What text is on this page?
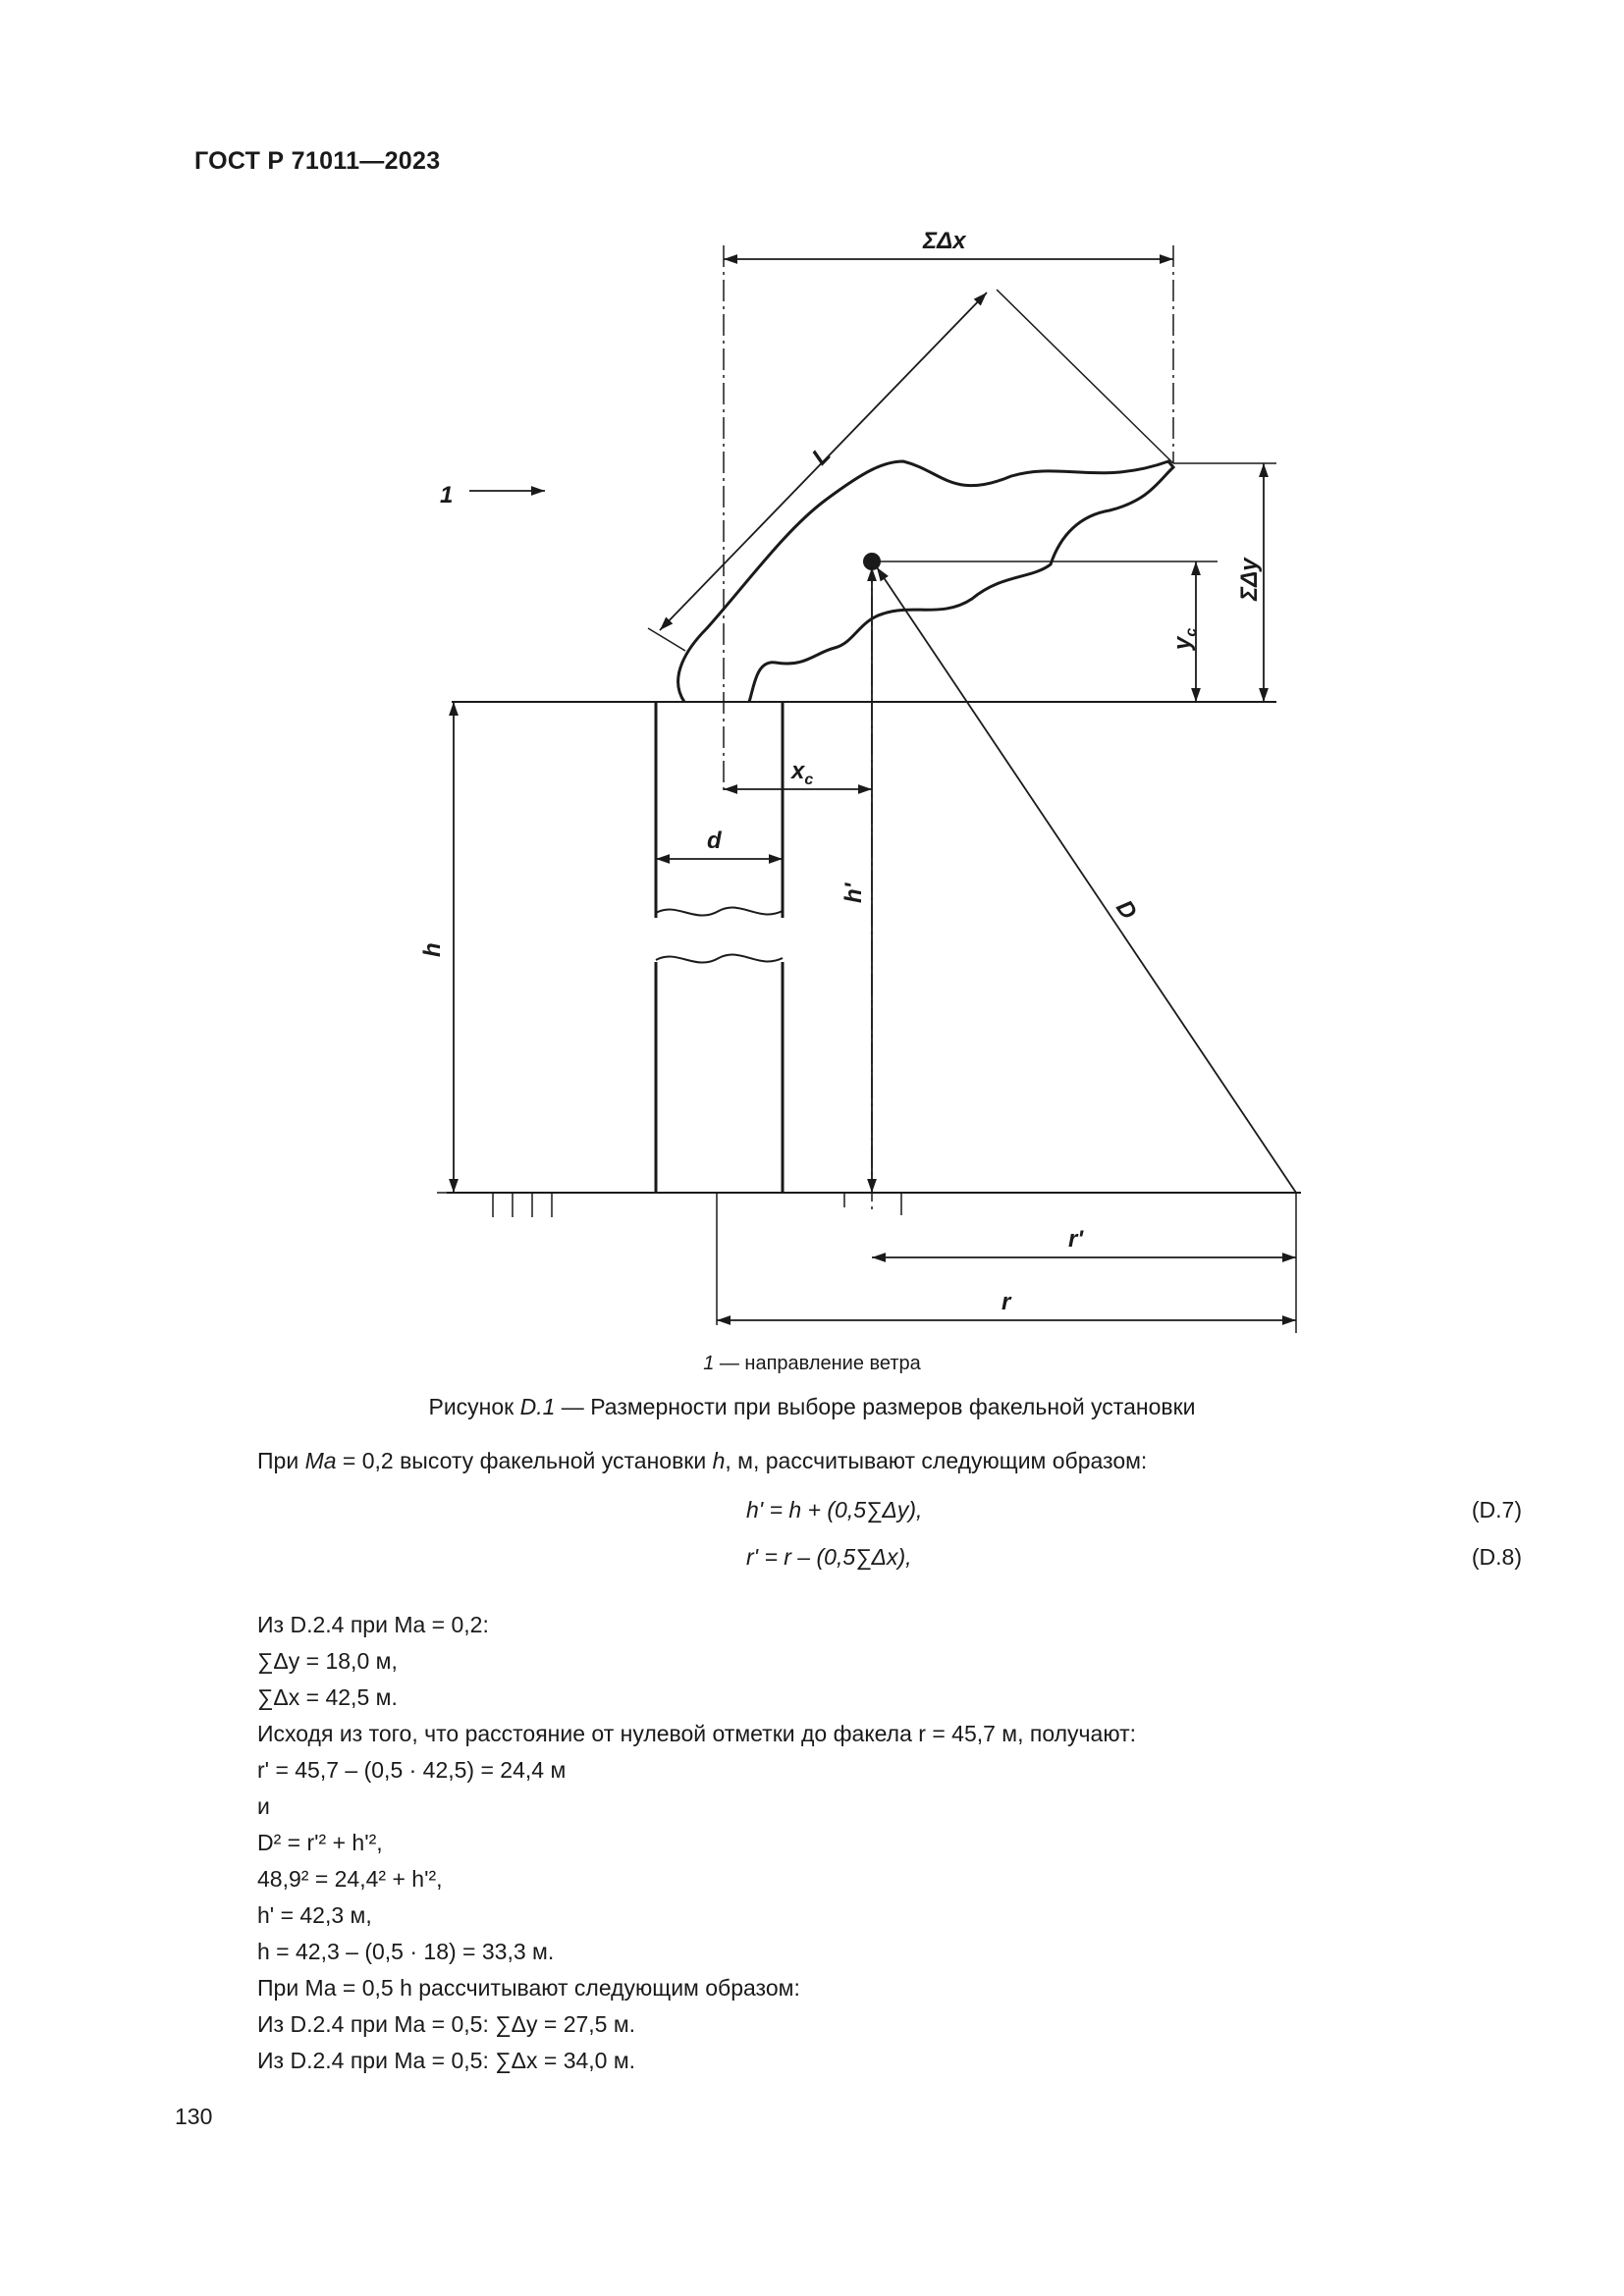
ГОСТ Р 71011—2023
ΣΔx
L
ΣΔy
$y_c$
$x_c$
d
h
h'
D
r'
r
1
1 — направление ветра
Рисунок D.1 — Размерности при выборе размеров факельной установки
При Ma = 0,2 высоту факельной установки h, м, рассчитывают следующим образом:
h' = h + (0,5∑Δy),	(D.7)
r' = r – (0,5∑Δx),	(D.8)
Из D.2.4 при Ma = 0,2:
∑Δy = 18,0 м,
∑Δx = 42,5 м.
Исходя из того, что расстояние от нулевой отметки до факела r = 45,7 м, получают:
r' = 45,7 – (0,5 · 42,5) = 24,4 м
и
D² = r'² + h'²,
48,9² = 24,4² + h'²,
h' = 42,3 м,
h = 42,3 – (0,5 · 18) = 33,3 м.
При Ma = 0,5 h рассчитывают следующим образом:
Из D.2.4 при Ma = 0,5: ∑Δy = 27,5 м.
Из D.2.4 при Ma = 0,5: ∑Δx = 34,0 м.
130
